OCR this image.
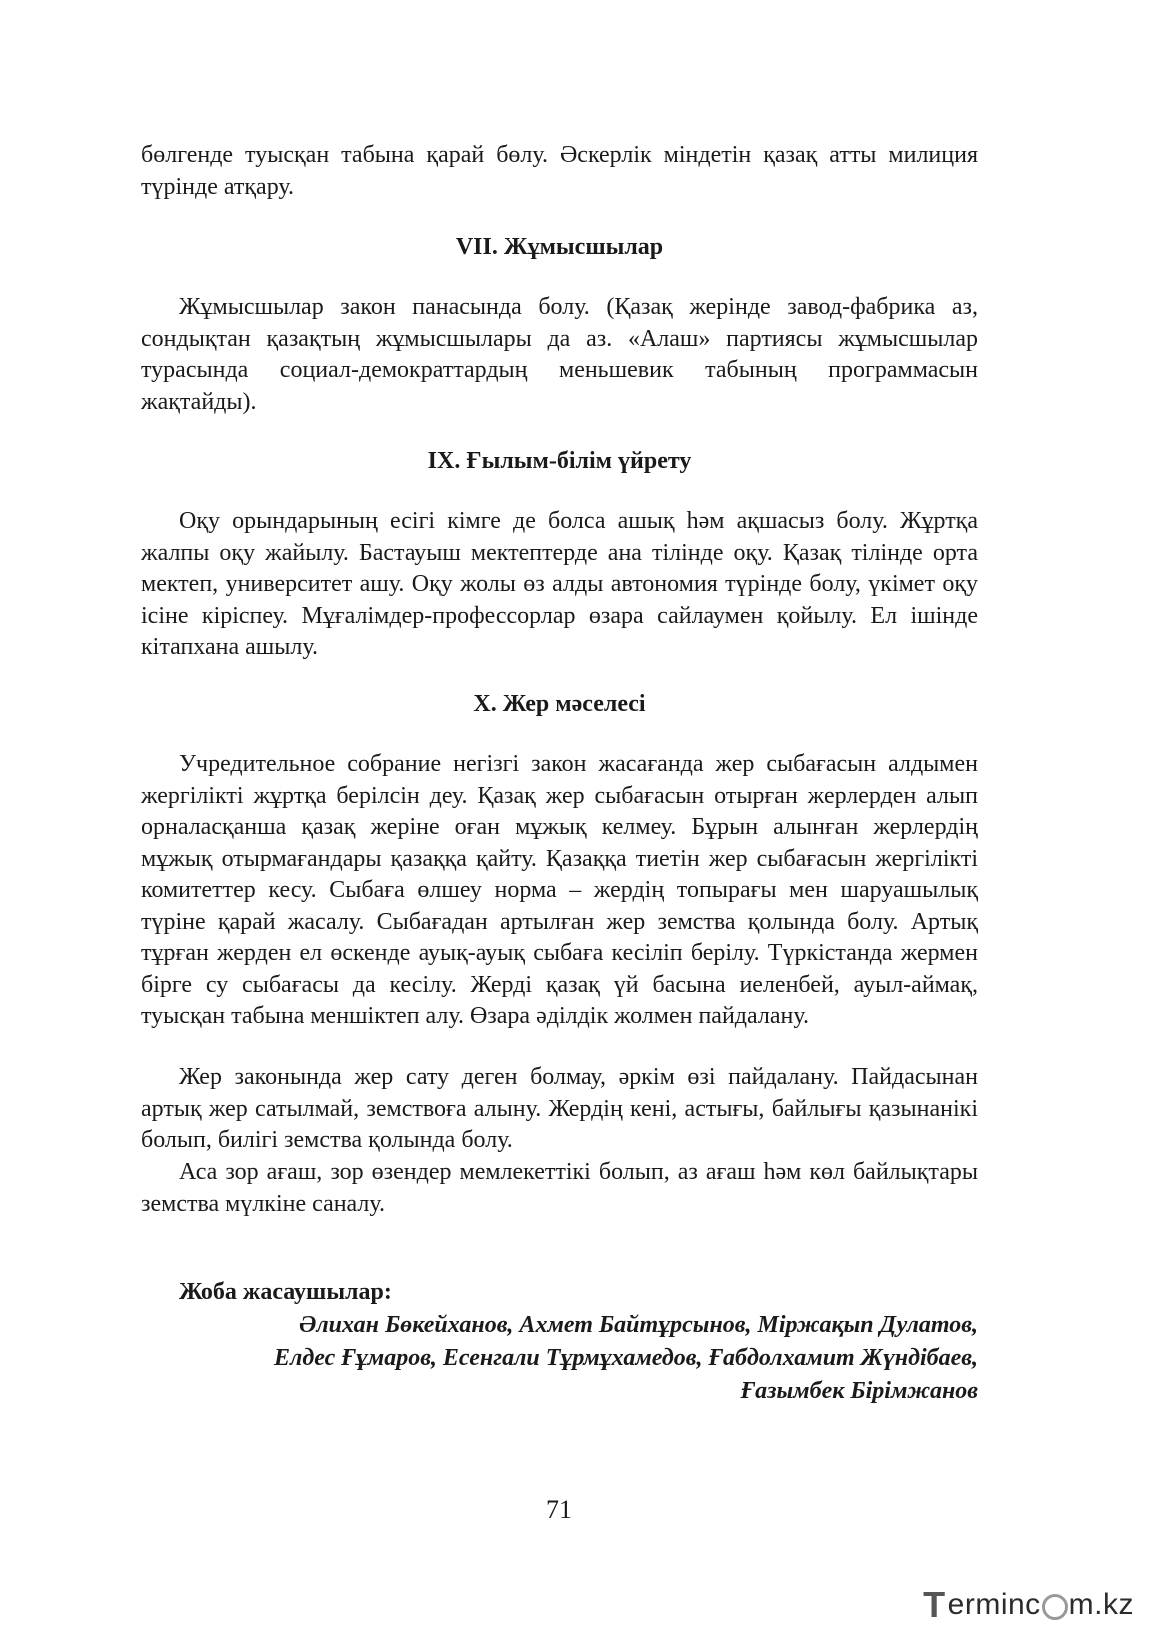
бөлгенде туысқан табына қарай бөлу. Әскерлік міндетін қазақ атты милиция түрінде атқару.

VII. Жұмысшылар

Жұмысшылар закон панасында болу. (Қазақ жерінде завод-фабрика аз, сондықтан қазақтың жұмысшылары да аз. «Алаш» партиясы жұмысшылар турасында социал-демократтардың меньшевик табының программасын жақтайды).

IX. Ғылым-білім үйрету

Оқу орындарының есігі кімге де болса ашық һәм ақшасыз болу. Жұртқа жалпы оқу жайылу. Бастауыш мектептерде ана тілінде оқу. Қазақ тілінде орта мектеп, университет ашу. Оқу жолы өз алды автономия түрінде болу, үкімет оқу ісіне кіріспеу. Мұғалімдер-профессорлар өзара сайлаумен қойылу. Ел ішінде кітапхана ашылу.

X. Жер мәселесі

Учредительное собрание негізгі закон жасағанда жер сыбағасын алдымен жергілікті жұртқа берілсін деу. Қазақ жер сыбағасын отырған жерлерден алып орналасқанша қазақ жеріне оған мұжық келмеу. Бұрын алынған жерлердің мұжық отырмағандары қазаққа қайту. Қазаққа тиетін жер сыбағасын жергілікті комитеттер кесу. Сыбаға өлшеу норма – жердің топырағы мен шаруашылық түріне қарай жасалу. Сыбағадан артылған жер земства қолында болу. Артық тұрған жерден ел өскенде ауық-ауық сыбаға кесіліп берілу. Түркістанда жермен бірге су сыбағасы да кесілу. Жерді қазақ үй басына иеленбей, ауыл-аймақ, туысқан табына меншіктеп алу. Өзара әділдік жолмен пайдалану.

Жер законында жер сату деген болмау, әркім өзі пайдалану. Пайдасынан артық жер сатылмай, земствоға алыну. Жердің кені, астығы, байлығы қазынанікі болып, билігі земства қолында болу.

Аса зор ағаш, зор өзендер мемлекеттікі болып, аз ағаш һәм көл байлықтары земства мүлкіне саналу.

Жоба жасаушылар:

Әлихан Бөкейханов, Ахмет Байтұрсынов, Міржақып Дулатов,
Елдес Ғұмаров, Есенгали Тұрмұхамедов, Ғабдолхамит Жүндібаев,
Ғазымбек Бірімжанов

71

T ermin c m.kz
